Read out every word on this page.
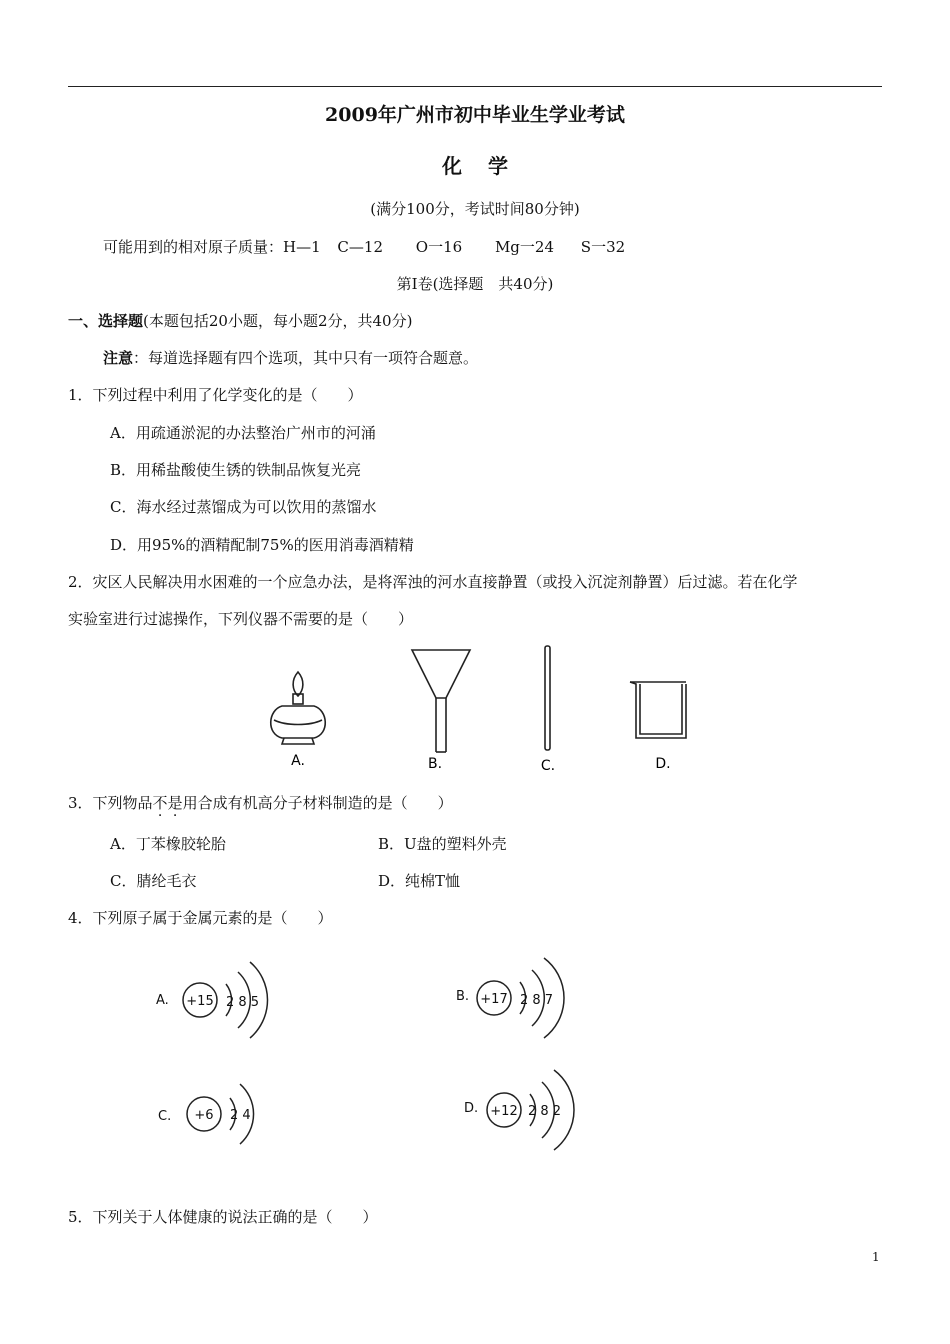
2009年广州市初中毕业生学业考试
化学
(满分100分，考试时间80分钟)
可能用到的相对原子质量：H—1 C—12 O一16 Mg一24 S一32
第Ⅰ卷(选择题　共40分)
一、选择题(本题包括20小题，每小题2分，共40分)
注意：每道选择题有四个选项，其中只有一项符合题意。
1．下列过程中利用了化学变化的是（　　）
A．用疏通淤泥的办法整治广州市的河涌
B．用稀盐酸使生锈的铁制品恢复光亮
C．海水经过蒸馏成为可以饮用的蒸馏水
D．用95%的酒精配制75%的医用消毒酒精精
2．灾区人民解决用水困难的一个应急办法，是将浑浊的河水直接静置（或投入沉淀剂静置）后过滤。若在化学
实验室进行过滤操作，下列仪器不需要的是（　　）
A.	B.	C.	D.
3．下列物品不是用合成有机高分子材料制造的是（　　）
A．丁苯橡胶轮胎	B．U盘的塑料外壳
C．腈纶毛衣	D．纯棉T恤
4．下列原子属于金属元素的是（　　）
A. +15 2 8 5	B. +17 2 8 7
C. +6 2 4	D. +12 2 8 2
5．下列关于人体健康的说法正确的是（　　）
1
